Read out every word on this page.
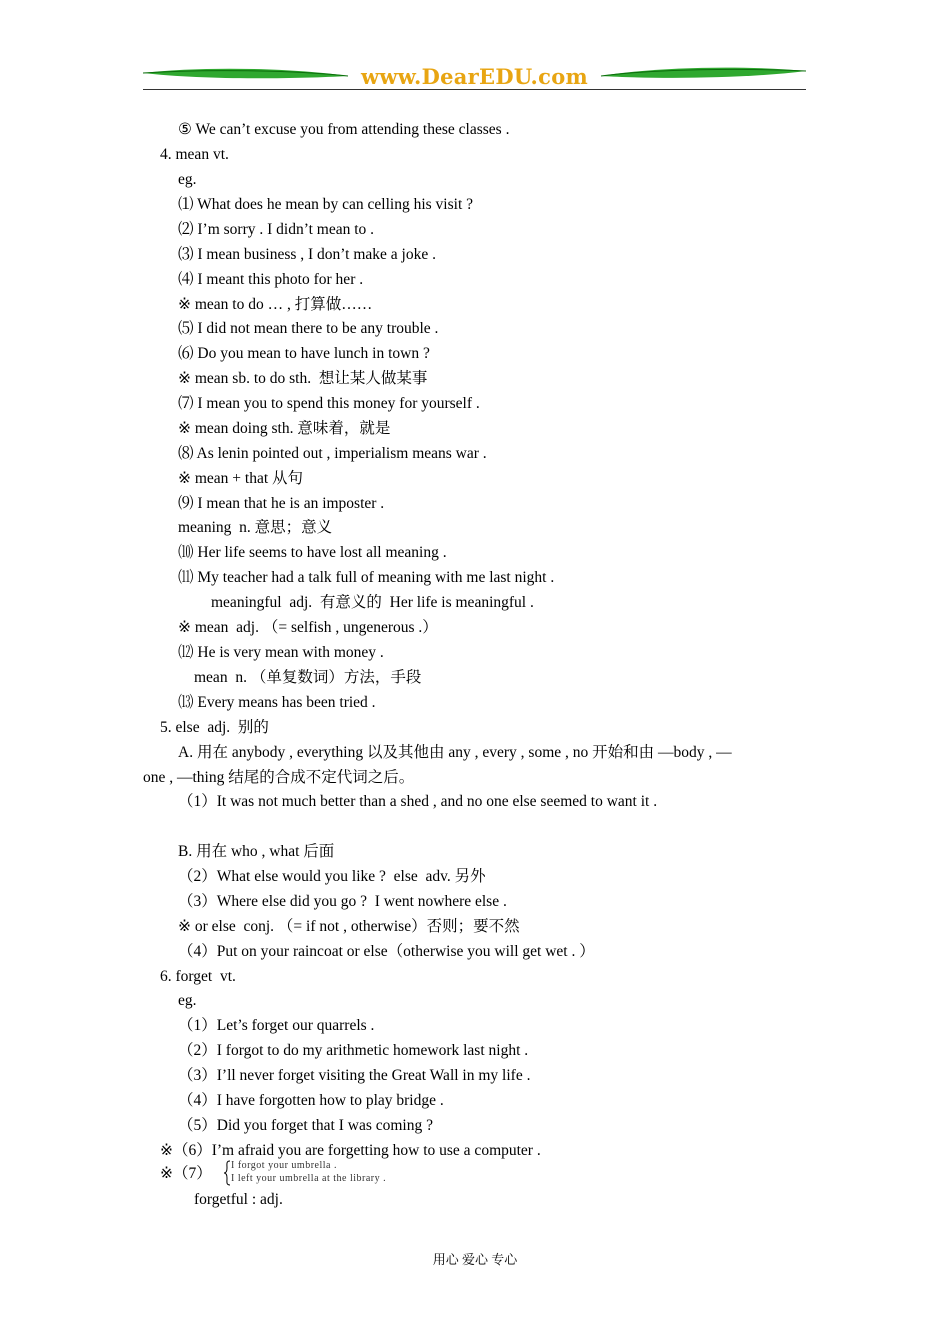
www.DearEDU.com
⑤ We can’t excuse you from attending these classes .
4. mean vt.
eg.
⑴ What does he mean by can celling his visit ?
⑵ I’m sorry . I didn’t mean to .
⑶ I mean business , I don’t make a joke .
⑷ I meant this photo for her .
※ mean to do … , 打算做……
⑸ I did not mean there to be any trouble .
⑹ Do you mean to have lunch in town ?
※ mean sb. to do sth.  想让某人做某事
⑺ I mean you to spend this money for yourself .
※ mean doing sth. 意味着，就是
⑻ As lenin pointed out , imperialism means war .
※ mean + that 从句
⑼ I mean that he is an imposter .
meaning  n. 意思；意义
⑽ Her life seems to have lost all meaning .
⑾ My teacher had a talk full of meaning with me last night .
meaningful  adj.  有意义的  Her life is meaningful .
※ mean  adj. （= selfish , ungenerous .）
⑿ He is very mean with money .
mean  n. （单复数词）方法，手段
⒀ Every means has been tried .
5. else  adj.  别的
A. 用在 anybody , everything 以及其他由 any , every , some , no 开始和由 —body , —
one , —thing 结尾的合成不定代词之后。
（1）It was not much better than a shed , and no one else seemed to want it .
B. 用在 who , what 后面
（2）What else would you like ?  else  adv. 另外
（3）Where else did you go ?  I went nowhere else .
※ or else  conj. （= if not , otherwise）否则；要不然
（4）Put on your raincoat or else（otherwise you will get wet . ）
6. forget  vt.
eg.
（1）Let’s forget our quarrels .
（2）I forgot to do my arithmetic homework last night .
（3）I’ll never forget visiting the Great Wall in my life .
（4）I have forgotten how to play bridge .
（5）Did you forget that I was coming ?
※（6）I’m afraid you are forgetting how to use a computer .
※（7）
forgetful : adj.
I forgot your umbrella .
I left your umbrella at the library .
用心 爱心 专心
